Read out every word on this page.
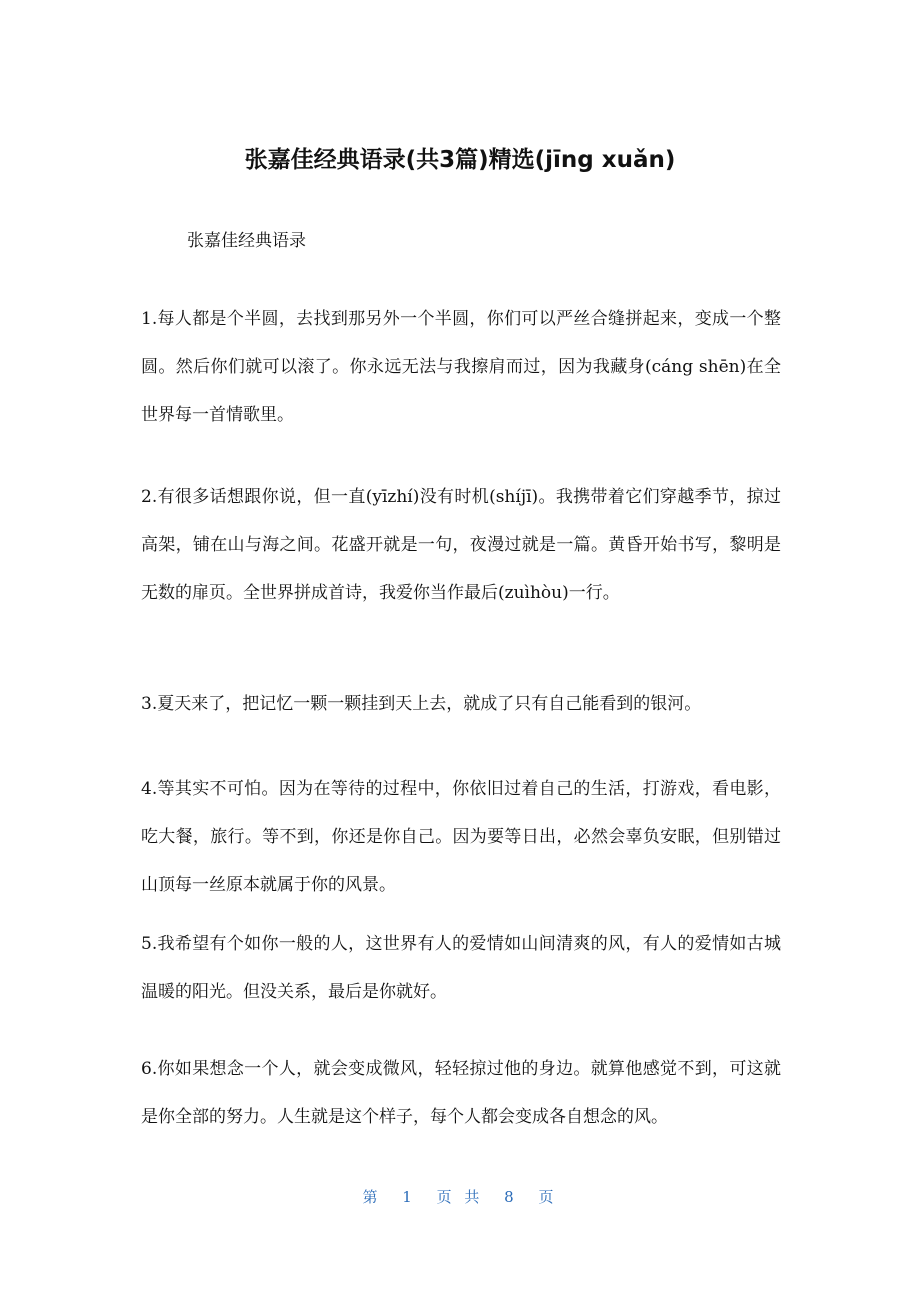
张嘉佳经典语录(共3篇)精选(jīng xuǎn)

张嘉佳经典语录

1.每人都是个半圆，去找到那另外一个半圆，你们可以严丝合缝拼起来，变成一个整圆。然后你们就可以滚了。你永远无法与我擦肩而过，因为我藏身(cáng shēn)在全世界每一首情歌里。

2.有很多话想跟你说，但一直(yīzhí)没有时机(shíjī)。我携带着它们穿越季节，掠过高架，铺在山与海之间。花盛开就是一句，夜漫过就是一篇。黄昏开始书写，黎明是无数的扉页。全世界拼成首诗，我爱你当作最后(zuìhòu)一行。

3.夏天来了，把记忆一颗一颗挂到天上去，就成了只有自己能看到的银河。

4.等其实不可怕。因为在等待的过程中，你依旧过着自己的生活，打游戏，看电影，吃大餐，旅行。等不到，你还是你自己。因为要等日出，必然会辜负安眠，但别错过山顶每一丝原本就属于你的风景。

5.我希望有个如你一般的人，这世界有人的爱情如山间清爽的风，有人的爱情如古城温暖的阳光。但没关系，最后是你就好。

6.你如果想念一个人，就会变成微风，轻轻掠过他的身边。就算他感觉不到，可这就是你全部的努力。人生就是这个样子，每个人都会变成各自想念的风。

第 1 页 共 8 页
